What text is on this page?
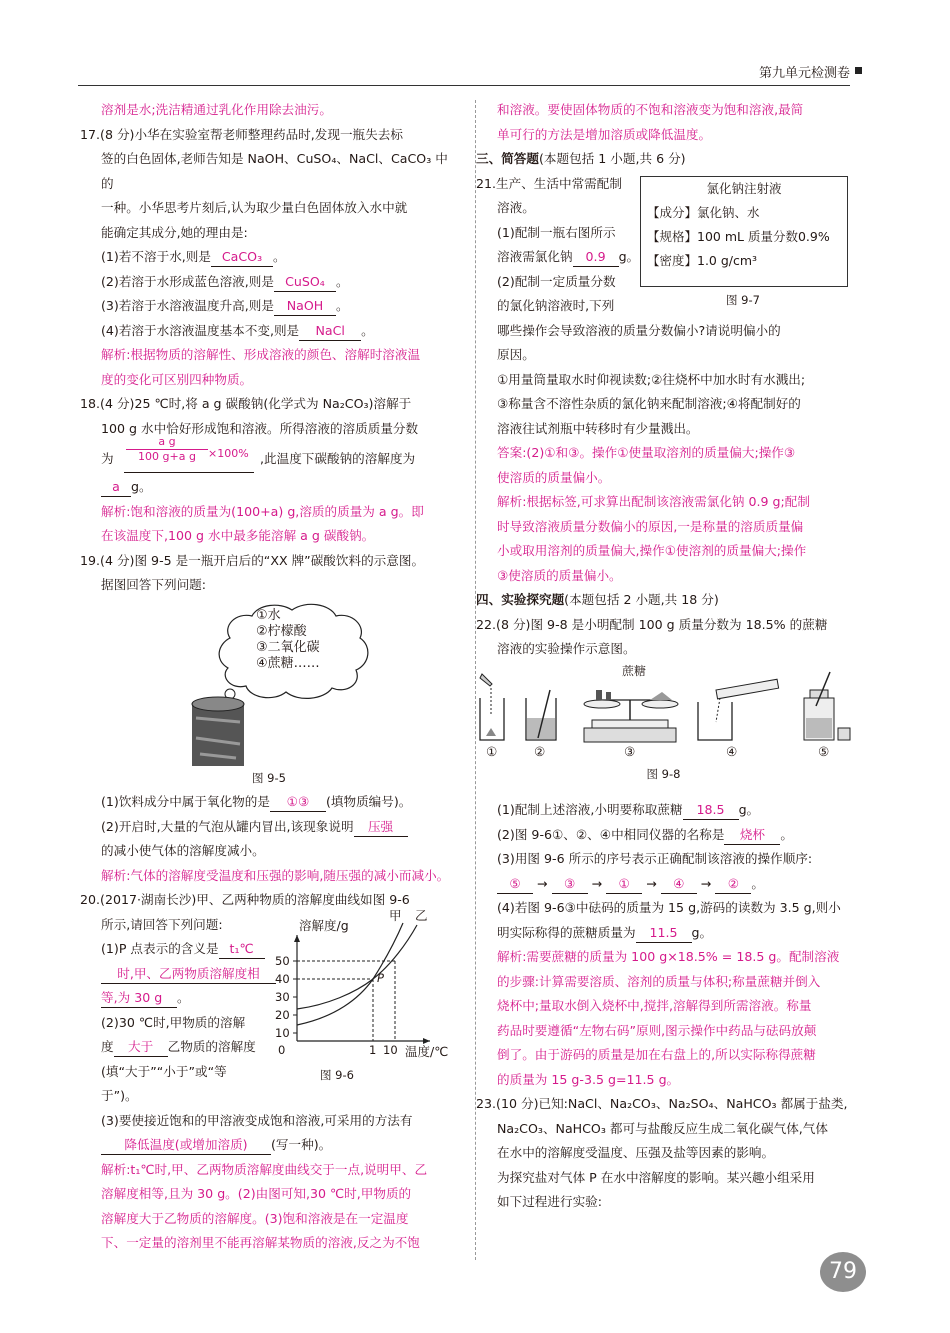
第九单元检测卷

溶剂是水;洗洁精通过乳化作用除去油污。

17.(8 分)小华在实验室帮老师整理药品时,发现一瓶失去标

签的白色固体,老师告知是 NaOH、CuSO₄、NaCl、CaCO₃ 中的

一种。小华思考片刻后,认为取少量白色固体放入水中就

能确定其成分,她的理由是:

(1)若不溶于水,则是 CaCO₃ 。

(2)若溶于水形成蓝色溶液,则是 CuSO₄ 。

(3)若溶于水溶液温度升高,则是 NaOH 。

(4)若溶于水溶液温度基本不变,则是 NaCl 。

解析:根据物质的溶解性、形成溶液的颜色、溶解时溶液温

度的变化可区别四种物质。

18.(4 分)25 ℃时,将 a g 碳酸钠(化学式为 Na₂CO₃)溶解于

100 g 水中恰好形成饱和溶液。所得溶液的溶质质量分数

为
a g
100 g+a g	×100% ,此温度下碳酸钠的溶解度为

a g。

解析:饱和溶液的质量为(100+a) g,溶质的质量为 a g。即

在该温度下,100 g 水中最多能溶解 a g 碳酸钠。

19.(4 分)图 9-5 是一瓶开启后的“XX 牌”碳酸饮料的示意图。

据图回答下列问题:

①水
②柠檬酸
③二氧化碳
④蔗糖……

图 9-5

(1)饮料成分中属于氧化物的是 ①③ (填物质编号)。

(2)开启时,大量的气泡从罐内冒出,该现象说明 压强

的减小使气体的溶解度减小。

解析:气体的溶解度受温度和压强的影响,随压强的减小而减小。

20.(2017·湖南长沙)甲、乙两种物质的溶解度曲线如图 9-6

所示,请回答下列问题:

(1)P 点表示的含义是 t₁℃

时,甲、乙两物质溶解度相

等,为 30 g 。

(2)30 ℃时,甲物质的溶解

度 大于 乙物质的溶解度

(填“大于”“小于”或“等

于”)。

溶解度/g
甲 乙
P
50
40
30
20
10
0	1 10 温度/℃
图 9-6

(3)要使接近饱和的甲溶液变成饱和溶液,可采用的方法有

降低温度(或增加溶质) (写一种)。

解析:t₁℃时,甲、乙两物质溶解度曲线交于一点,说明甲、乙

溶解度相等,且为 30 g。(2)由图可知,30 ℃时,甲物质的

溶解度大于乙物质的溶解度。(3)饱和溶液是在一定温度

下、一定量的溶剂里不能再溶解某物质的溶液,反之为不饱

和溶液。要使固体物质的不饱和溶液变为饱和溶液,最简

单可行的方法是增加溶质或降低温度。

三、简答题(本题包括 1 小题,共 6 分)

21.生产、生活中常需配制

溶液。

(1)配制一瓶右图所示

溶液需氯化钠 0.9 g。

(2)配制一定质量分数

的氯化钠溶液时,下列

哪些操作会导致溶液的质量分数偏小?请说明偏小的

原因。

①用量筒量取水时仰视读数;②往烧杯中加水时有水溅出;

③称量含不溶性杂质的氯化钠来配制溶液;④将配制好的

溶液往试剂瓶中转移时有少量溅出。

答案:(2)①和③。操作①使量取溶剂的质量偏大;操作③

使溶质的质量偏小。

解析:根据标签,可求算出配制该溶液需氯化钠 0.9 g;配制

时导致溶液质量分数偏小的原因,一是称量的溶质质量偏

小或取用溶剂的质量偏大,操作①使溶剂的质量偏大;操作

③使溶质的质量偏小。

四、实验探究题(本题包括 2 小题,共 18 分)

22.(8 分)图 9-8 是小明配制 100 g 质量分数为 18.5% 的蔗糖

溶液的实验操作示意图。

蔗糖
①	②	③	④	⑤

图 9-8

(1)配制上述溶液,小明要称取蔗糖 18.5 g。

(2)图 9-6①、②、④中相同仪器的名称是 烧杯 。

(3)用图 9-6 所示的序号表示正确配制该溶液的操作顺序:

⑤ → ③ → ① → ④ → ② 。

(4)若图 9-6③中砝码的质量为 15 g,游码的读数为 3.5 g,则小

明实际称得的蔗糖质量为 11.5 g。

解析:需要蔗糖的质量为 100 g×18.5% = 18.5 g。配制溶液

的步骤:计算需要溶质、溶剂的质量与体积;称量蔗糖并倒入

烧杯中;量取水倒入烧杯中,搅拌,溶解得到所需溶液。称量

药品时要遵循“左物右码”原则,图示操作中药品与砝码放颠

倒了。由于游码的质量是加在右盘上的,所以实际称得蔗糖

的质量为 15 g-3.5 g=11.5 g。

23.(10 分)已知:NaCl、Na₂CO₃、Na₂SO₄、NaHCO₃ 都属于盐类,

Na₂CO₃、NaHCO₃ 都可与盐酸反应生成二氧化碳气体,气体

在水中的溶解度受温度、压强及盐等因素的影响。

为探究盐对气体 P 在水中溶解度的影响。某兴趣小组采用

如下过程进行实验:

氯化钠注射液

【成分】氯化钠、水

【规格】100 mL 质量分数0.9%

【密度】1.0 g/cm³

图 9-7
79
